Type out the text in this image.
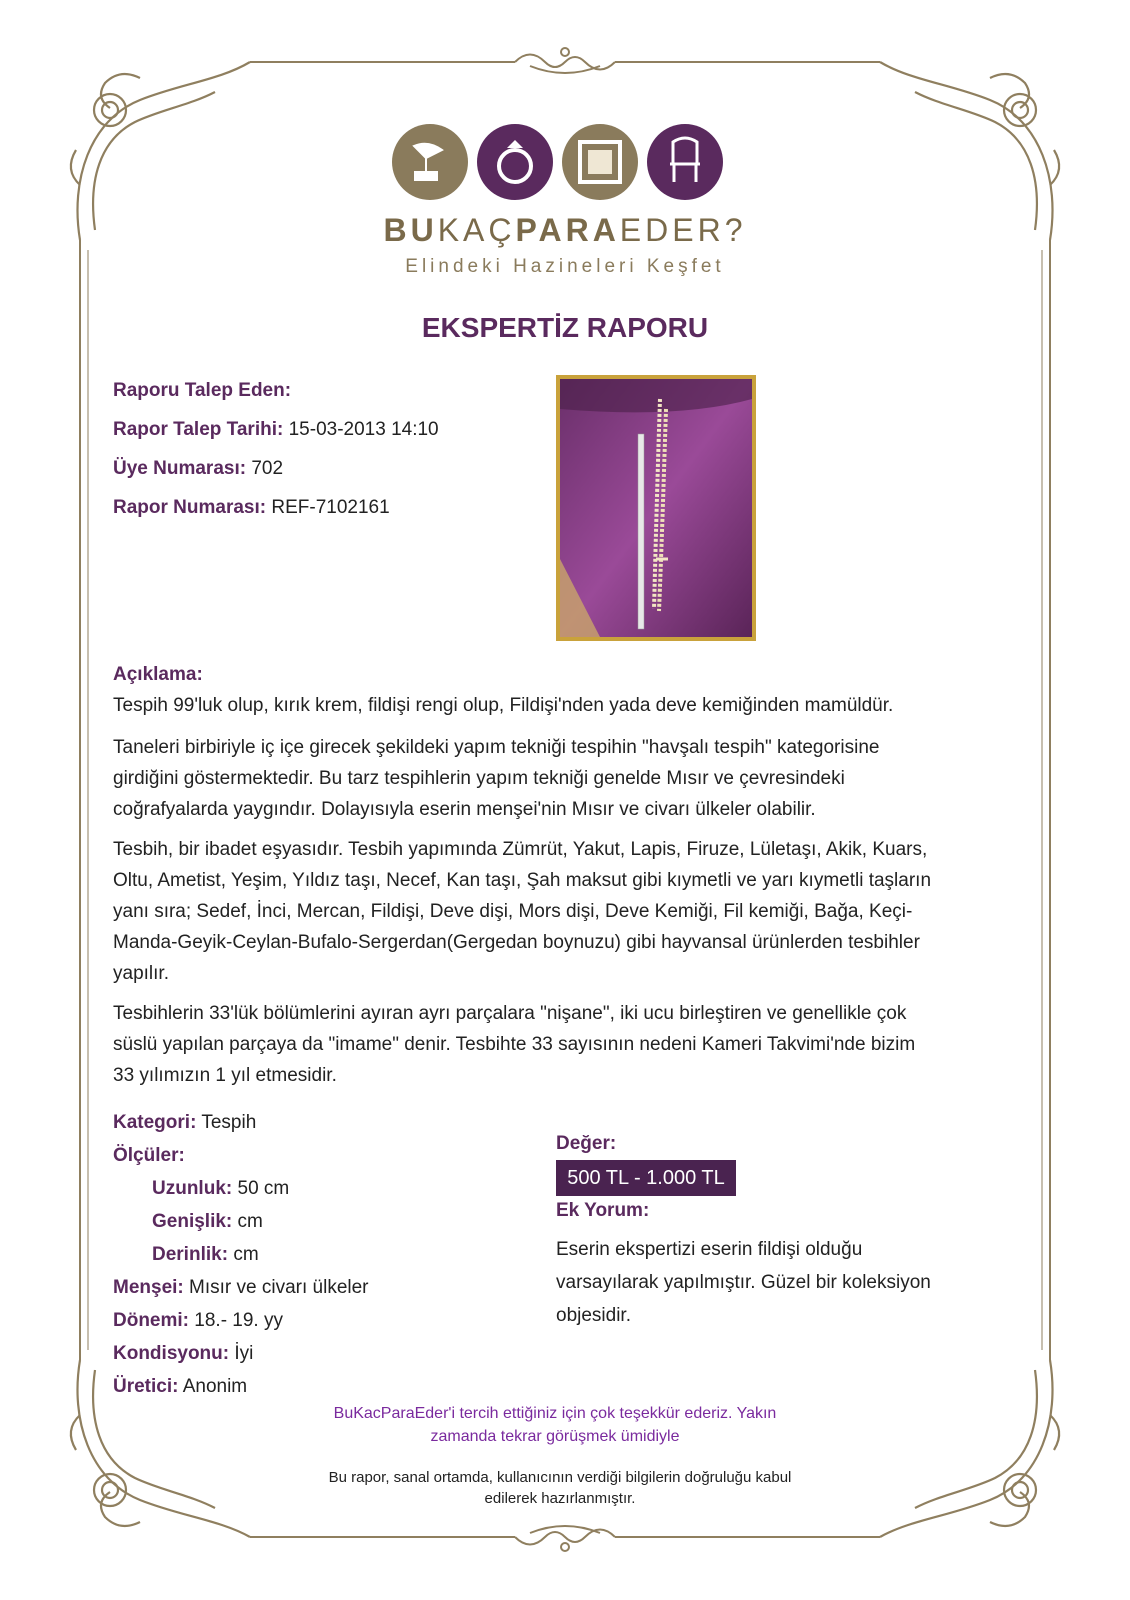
BUKAÇPARAEDER?
Elindeki Hazineleri Keşfet
EKSPERTİZ RAPORU
Raporu Talep Eden:
Rapor Talep Tarihi: 15-03-2013 14:10
Üye Numarası: 702
Rapor Numarası: REF-7102161
Açıklama:
Tespih 99'luk olup, kırık krem, fildişi rengi olup, Fildişi'nden yada deve kemiğinden mamüldür.
Taneleri birbiriyle iç içe girecek şekildeki yapım tekniği tespihin "havşalı tespih" kategorisine
girdiğini göstermektedir. Bu tarz tespihlerin yapım tekniği genelde Mısır ve çevresindeki
coğrafyalarda yaygındır. Dolayısıyla eserin menşei'nin Mısır ve civarı ülkeler olabilir.
Tesbih, bir ibadet eşyasıdır. Tesbih yapımında Zümrüt, Yakut, Lapis, Firuze, Lületaşı, Akik, Kuars,
Oltu, Ametist, Yeşim, Yıldız taşı, Necef, Kan taşı, Şah maksut gibi kıymetli ve yarı kıymetli taşların
yanı sıra; Sedef, İnci, Mercan, Fildişi, Deve dişi, Mors dişi, Deve Kemiği, Fil kemiği, Bağa, Keçi-
Manda-Geyik-Ceylan-Bufalo-Sergerdan(Gergedan boynuzu) gibi hayvansal ürünlerden tesbihler
yapılır.
Tesbihlerin 33'lük bölümlerini ayıran ayrı parçalara "nişane", iki ucu birleştiren ve genellikle çok
süslü yapılan parçaya da "imame" denir. Tesbihte 33 sayısının nedeni Kameri Takvimi'nde bizim
33 yılımızın 1 yıl etmesidir.
Kategori: Tespih
Ölçüler:
Uzunluk: 50 cm
Genişlik: cm
Derinlik: cm
Menşei: Mısır ve civarı ülkeler
Dönemi: 18.- 19. yy
Kondisyonu: İyi
Üretici: Anonim
Değer:
500 TL - 1.000 TL
Ek Yorum:
Eserin ekspertizi eserin fildişi olduğu
varsayılarak yapılmıştır. Güzel bir koleksiyon
objesidir.
BuKacParaEder'i tercih ettiğiniz için çok teşekkür ederiz. Yakın
zamanda tekrar görüşmek ümidiyle
Bu rapor, sanal ortamda, kullanıcının verdiği bilgilerin doğruluğu kabul
edilerek hazırlanmıştır.
